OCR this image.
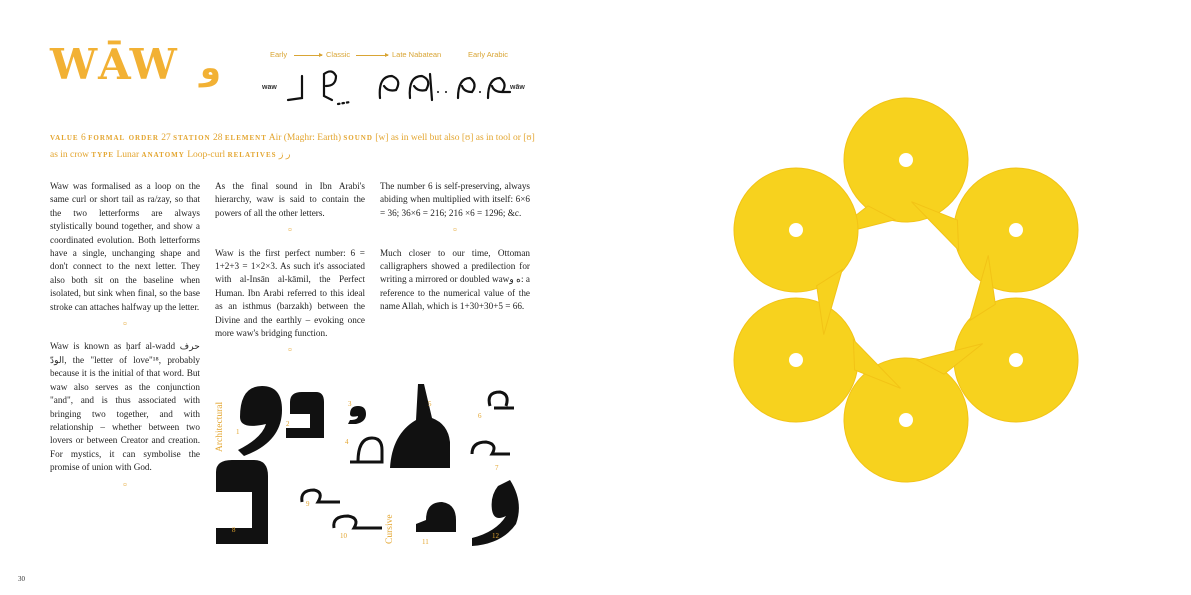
WĀW و	Early	Classic	Late Nabatean	Early Arabic
waw	wāw
value 6 formal order 27 station 28 element Air (Maghr: Earth) sound [w] as in well but also [ʊ] as in tool or [ʊ] as in crow type Lunar anatomy Loop-curl relatives ر ز

Waw was formalised as a loop on the same curl or short tail as ra/zay, so that the two letterforms are always stylistically bound together, and show a coordinated evolution. Both letterforms have a single, unchanging shape and don't connect to the next letter. They also both sit on the baseline when isolated, but sink when final, so the base stroke can attaches halfway up the letter.

¤

Waw is known as ḥarf al-wadd حرف الودّ, the "letter of love"¹⁸, probably because it is the initial of that word. But waw also serves as the conjunction "and", and is thus associated with bringing two together, and with relationship – whether between two lovers or between Creator and creation. For mystics, it can symbolise the promise of union with God.

¤

As the final sound in Ibn Arabi's hierarchy, waw is said to contain the powers of all the other letters.

¤

Waw is the first perfect number: 6 = 1+2+3 = 1×2×3. As such it's associated with al-Insān al-kāmil, the Perfect Human. Ibn Arabi referred to this ideal as an isthmus (barzakh) between the Divine and the earthly – evoking once more waw's bridging function.

¤

The number 6 is self-preserving, always abiding when multiplied with itself: 6×6 = 36; 36×6 = 216; 216 ×6 = 1296; &c.

¤

Much closer to our time, Ottoman calligraphers showed a predilection for writing a mirrored or doubled wawه و: a reference to the numerical value of the name Allah, which is 1+30+30+5 = 66.

Architectural
Cursive
1
2
3
4
5
6
7
8
9
10
11
12
30
